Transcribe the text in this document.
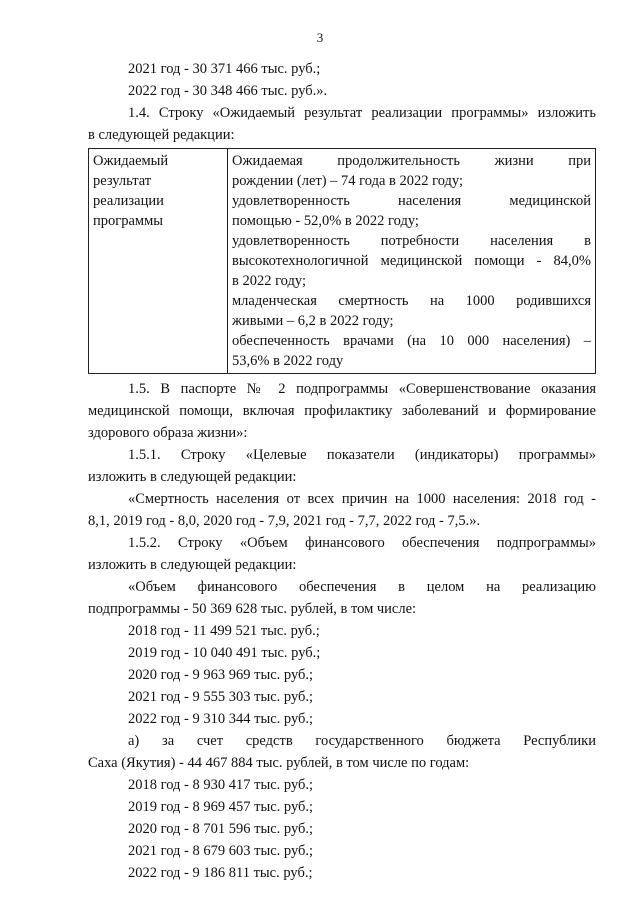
3
2021 год - 30 371 466 тыс. руб.;
2022 год - 30 348 466 тыс. руб.».
1.4. Строку «Ожидаемый результат реализации программы» изложить
в следующей редакции:
Ожидаемый
результат
реализации
программы

Ожидаемая продолжительность жизни при
рождении (лет) – 74 года в 2022 году;
удовлетворенность населения медицинской
помощью - 52,0% в 2022 году;
удовлетворенность потребности населения в
высокотехнологичной медицинской помощи - 84,0%
в 2022 году;
младенческая смертность на 1000 родившихся
живыми – 6,2 в 2022 году;
обеспеченность врачами (на 10 000 населения) –
53,6% в 2022 году
1.5. В паспорте № 2 подпрограммы «Совершенствование оказания
медицинской помощи, включая профилактику заболеваний и формирование
здорового образа жизни»:
1.5.1. Строку «Целевые показатели (индикаторы) программы»
изложить в следующей редакции:
«Смертность населения от всех причин на 1000 населения: 2018 год -
8,1, 2019 год - 8,0, 2020 год - 7,9, 2021 год - 7,7, 2022 год - 7,5.».
1.5.2. Строку «Объем финансового обеспечения подпрограммы»
изложить в следующей редакции:
«Объем финансового обеспечения в целом на реализацию
подпрограммы - 50 369 628 тыс. рублей, в том числе:
2018 год - 11 499 521 тыс. руб.;
2019 год - 10 040 491 тыс. руб.;
2020 год - 9 963 969 тыс. руб.;
2021 год - 9 555 303 тыс. руб.;
2022 год - 9 310 344 тыс. руб.;
а) за счет средств государственного бюджета Республики
Саха (Якутия) - 44 467 884 тыс. рублей, в том числе по годам:
2018 год - 8 930 417 тыс. руб.;
2019 год - 8 969 457 тыс. руб.;
2020 год - 8 701 596 тыс. руб.;
2021 год - 8 679 603 тыс. руб.;
2022 год - 9 186 811 тыс. руб.;
